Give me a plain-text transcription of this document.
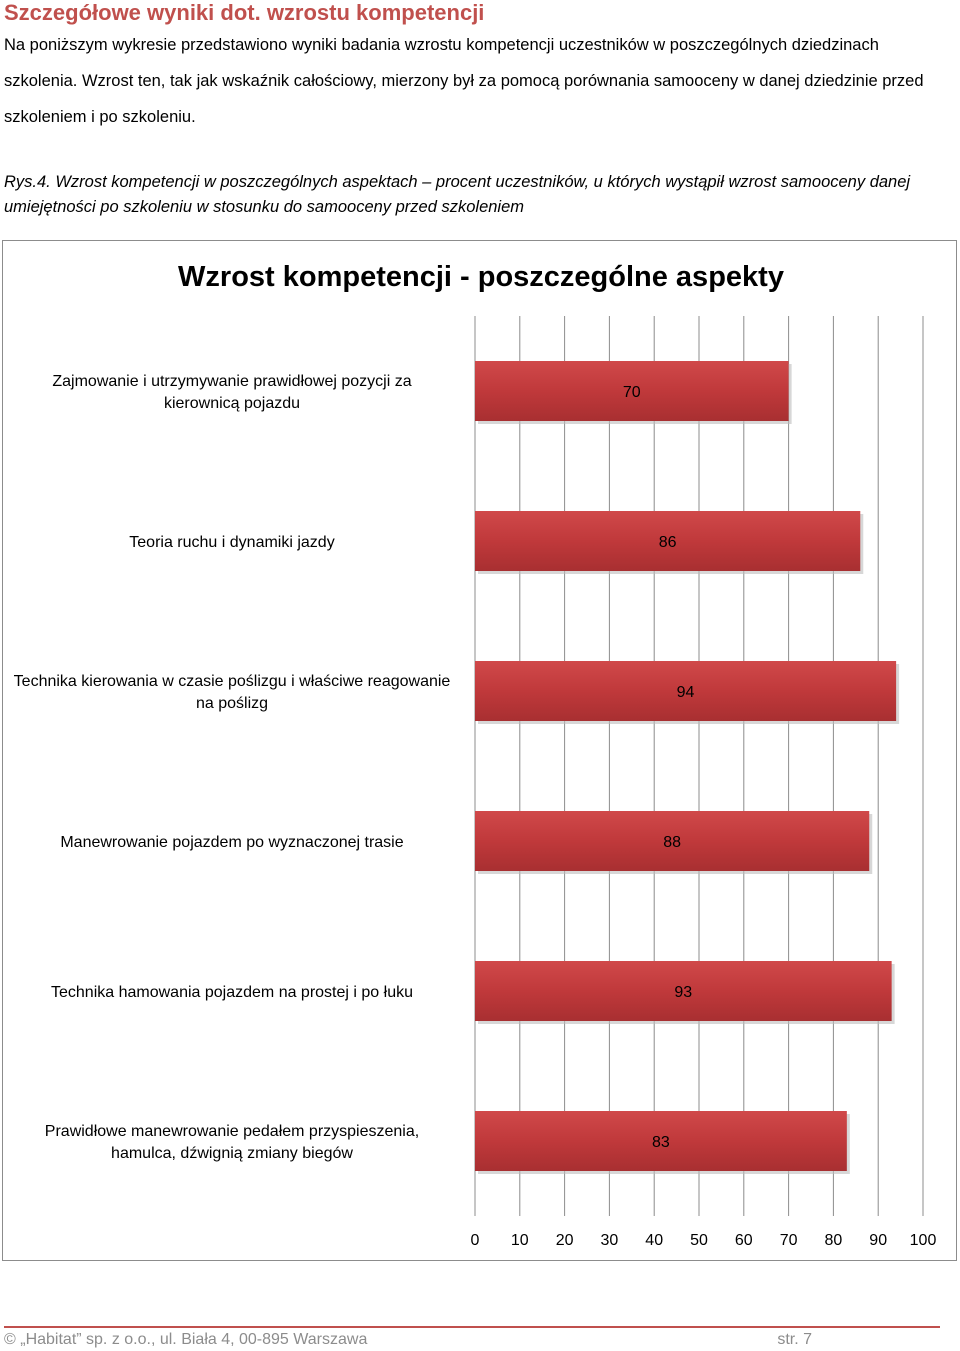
Szczegółowe wyniki dot. wzrostu kompetencji
Na poniższym wykresie przedstawiono wyniki badania wzrostu kompetencji uczestników w poszczególnych dziedzinach szkolenia. Wzrost ten, tak jak wskaźnik całościowy, mierzony był za pomocą porównania samooceny w danej dziedzinie przed szkoleniem i po szkoleniu.
Rys.4. Wzrost kompetencji w poszczególnych aspektach – procent uczestników, u których wystąpił wzrost samooceny danej umiejętności po szkoleniu w stosunku do samooceny przed szkoleniem
Wzrost kompetencji - poszczególne aspekty
70
Zajmowanie i utrzymywanie prawidłowej pozycji za
kierownicą pojazdu
86
Teoria ruchu i dynamiki jazdy
94
Technika kierowania w czasie poślizgu i właściwe reagowanie
na poślizg
88
Manewrowanie pojazdem po wyznaczonej trasie
93
Technika hamowania pojazdem na prostej i po łuku
83
Prawidłowe manewrowanie pedałem przyspieszenia,
hamulca, dźwignią zmiany biegów
0 10 20 30 40 50 60 70 80 90 100
© „Habitat” sp. z o.o., ul. Biała 4, 00-895 Warszawa	str. 7
